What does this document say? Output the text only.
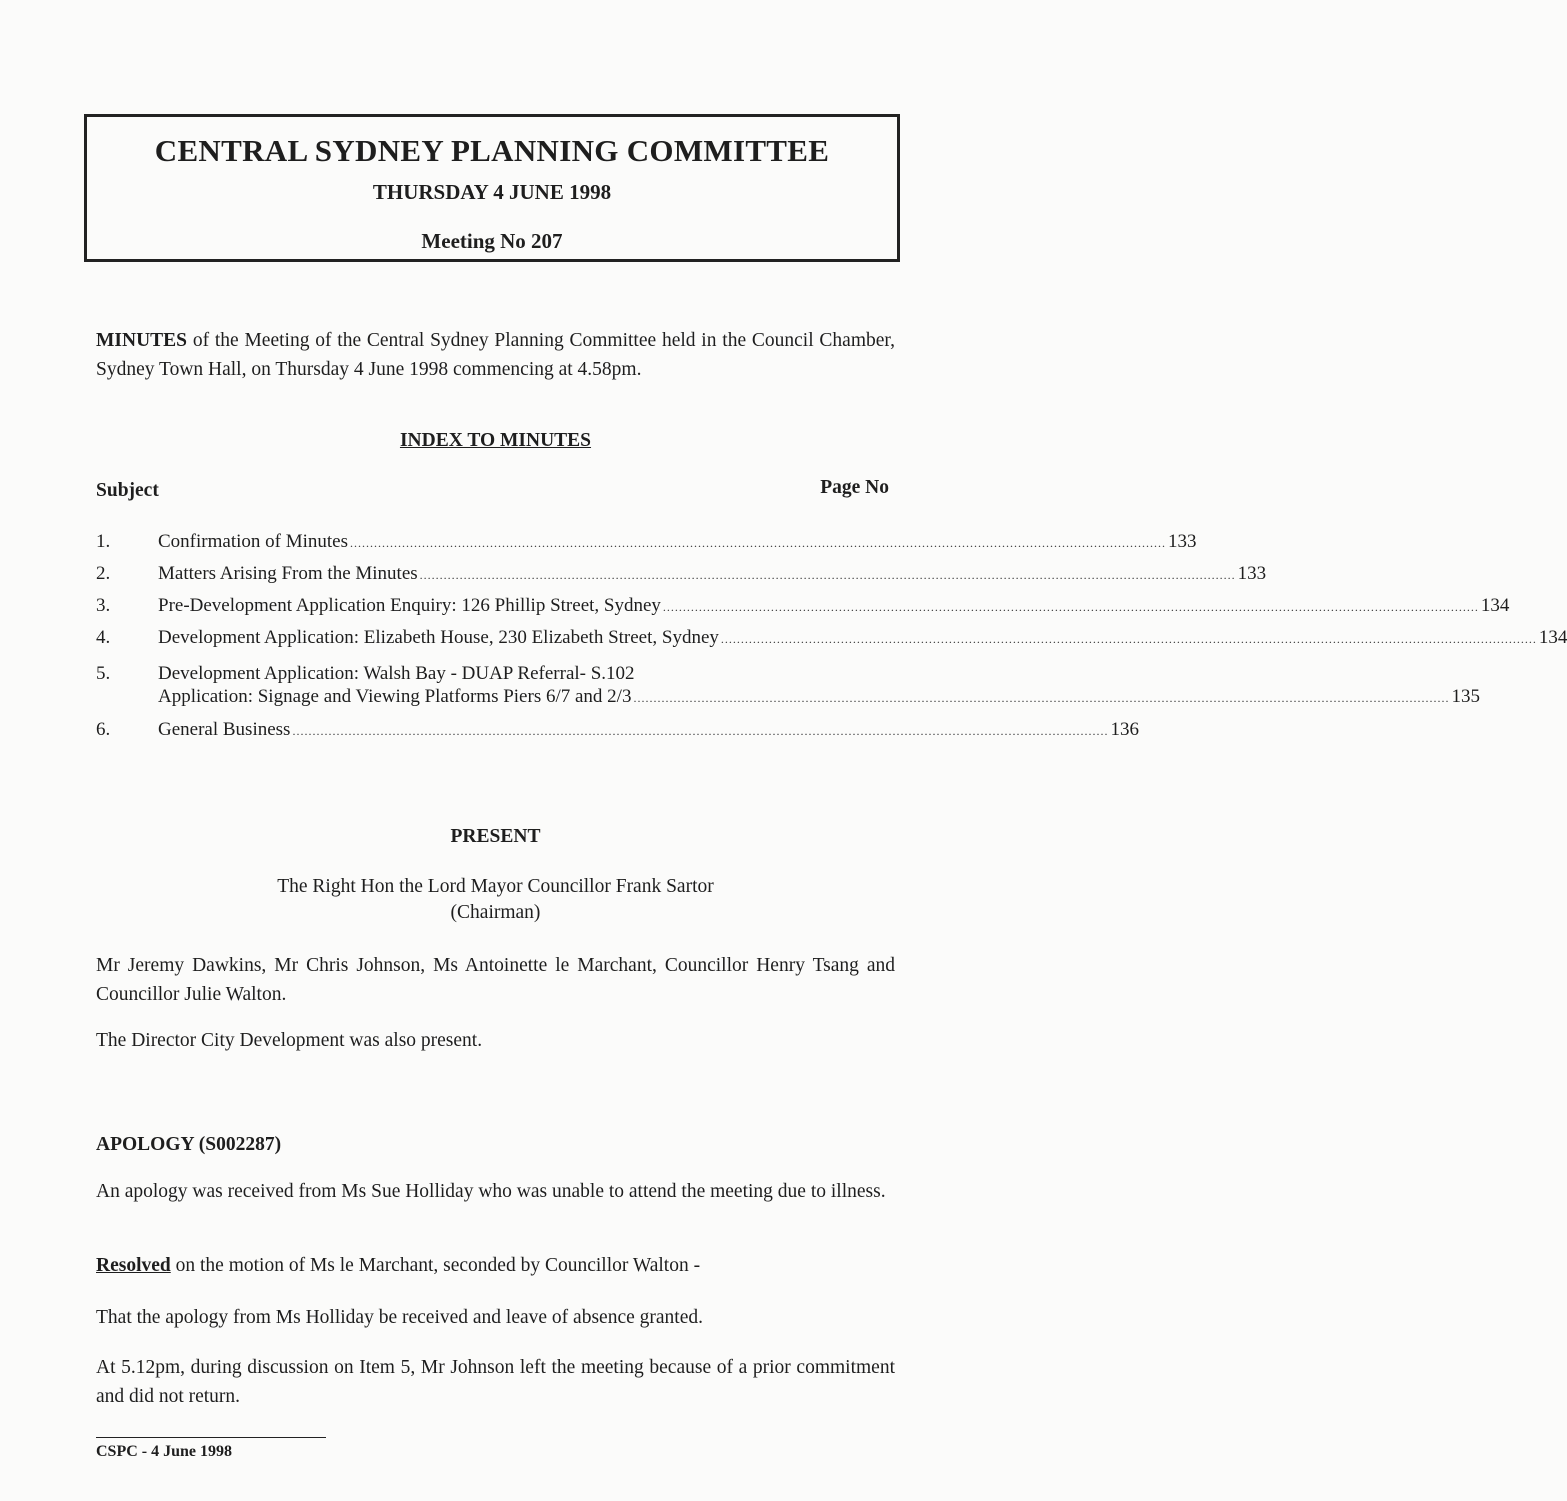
CENTRAL SYDNEY PLANNING COMMITTEE
THURSDAY 4 JUNE 1998
Meeting No 207
MINUTES of the Meeting of the Central Sydney Planning Committee held in the Council Chamber, Sydney Town Hall, on Thursday 4 June 1998 commencing at 4.58pm.
INDEX TO MINUTES
Subject	Page No
1.	Confirmation of Minutes ............................................................................................................................................................................................................ 133
2.	Matters Arising From the Minutes ............................................................................................................................................................................................................ 133
3.	Pre-Development Application Enquiry: 126 Phillip Street, Sydney ............................................................................................................................................................................................................ 134
4.	Development Application: Elizabeth House, 230 Elizabeth Street, Sydney ............................................................................................................................................................................................................ 134
5.	Development Application: Walsh Bay - DUAP Referral- S.102
Application: Signage and Viewing Platforms Piers 6/7 and 2/3 ............................................................................................................................................................................................................ 135
6.	General Business ............................................................................................................................................................................................................ 136
PRESENT
The Right Hon the Lord Mayor Councillor Frank Sartor
(Chairman)
Mr Jeremy Dawkins, Mr Chris Johnson, Ms Antoinette le Marchant, Councillor Henry Tsang and Councillor Julie Walton.
The Director City Development was also present.
APOLOGY (S002287)
An apology was received from Ms Sue Holliday who was unable to attend the meeting due to illness.
Resolved on the motion of Ms le Marchant, seconded by Councillor Walton -
That the apology from Ms Holliday be received and leave of absence granted.
At 5.12pm, during discussion on Item 5, Mr Johnson left the meeting because of a prior commitment and did not return.
CSPC - 4 June 1998
